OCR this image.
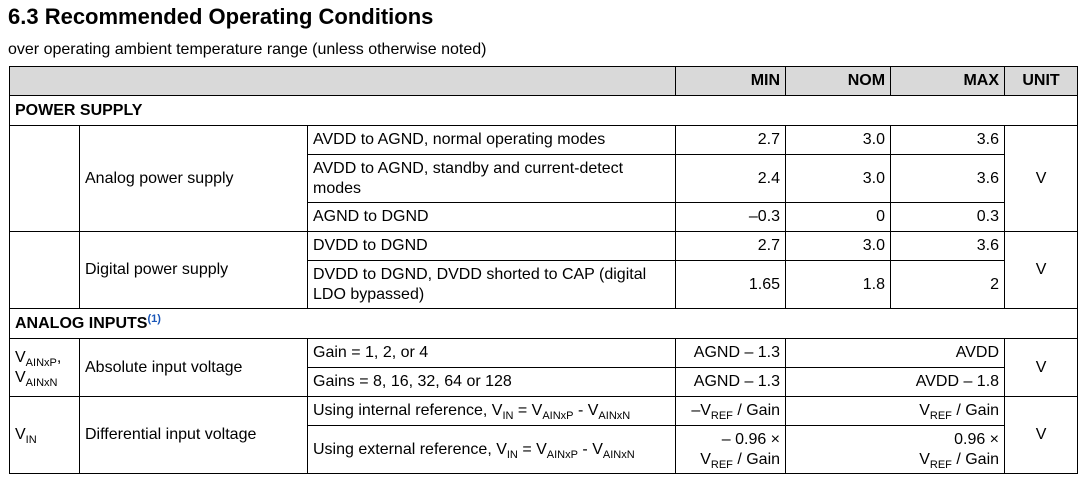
6.3 Recommended Operating Conditions
over operating ambient temperature range (unless otherwise noted)
			MIN	NOM	MAX	UNIT
POWER SUPPLY						
	Analog power supply	AVDD to AGND, normal operating modes	2.7	3.0	3.6	V
		AVDD to AGND, standby and current-detect modes	2.4	3.0	3.6	
		AGND to DGND	–0.3	0	0.3	
	Digital power supply	DVDD to DGND	2.7	3.0	3.6	V
		DVDD to DGND, DVDD shorted to CAP (digital LDO bypassed)	1.65	1.8	2	
ANALOG INPUTS$^{(1)}$
$V_{AINxP}$,
$V_{AINxN}$	Absolute input voltage	Gain = 1, 2, or 4	AGND – 1.3	AVDD		V
		Gains = 8, 16, 32, 64 or 128	AGND – 1.3	AVDD – 1.8		
$V_{IN}$	Differential input voltage	Using internal reference, $V_{IN} = V_{AINxP} - V_{AINxN}$	$-V_{REF}$ / Gain	$V_{REF}$ / Gain		V
		Using external reference, $V_{IN} = V_{AINxP} - V_{AINxN}$	– 0.96 ×
$V_{REF}$ / Gain	0.96 ×
$V_{REF}$ / Gain		
